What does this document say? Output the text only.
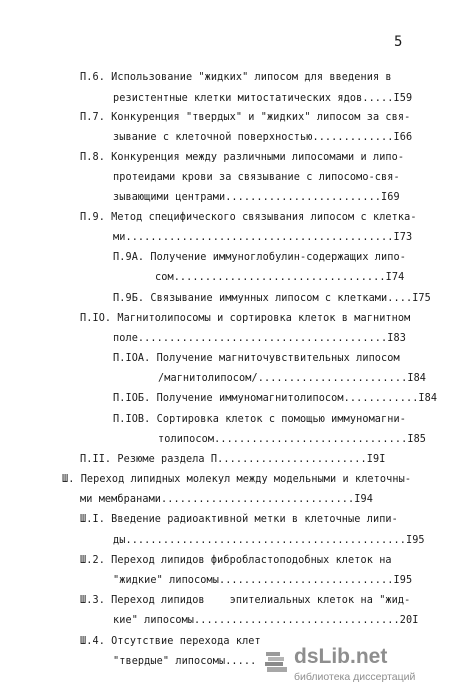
5
П.6. Использование "жидких" липосом для введения в
резистентные клетки митостатических ядов.....I59
П.7. Конкуренция "твердых" и "жидких" липосом за свя-
зывание с клеточной поверхностью.............I66
П.8. Конкуренция между различными липосомами и липо-
протеидами крови за связывание с липосомо-свя-
зывающими центрами.........................I69
П.9. Метод специфического связывания липосом с клетка-
ми...........................................I73
П.9А. Получение иммуноглобулин-содержащих липо-
сом..................................I74
П.9Б. Связывание иммунных липосом с клетками....I75
П.IO. Магнитолипосомы и сортировка клеток в магнитном
поле........................................I83
П.IOА. Получение магниточувствительных липосом
/магнитолипосом/........................I84
П.IOБ. Получение иммуномагнитолипосом............I84
П.IOВ. Сортировка клеток с помощью иммуномагни-
толипосом...............................I85
П.II. Резюме раздела П........................I9I
Ш. Переход липидных молекул между модельными и клеточны-
ми мембранами...............................I94
Ш.I. Введение радиоактивной метки в клеточные липи-
ды.............................................I95
Ш.2. Переход липидов фибробластоподобных клеток на
"жидкие" липосомы............................I95
Ш.3. Переход липидов    эпителиальных клеток на "жид-
кие" липосомы.................................20I
Ш.4. Отсутствие перехода клет
"твердые" липосомы..... dsLib.net
библиотека диссертаций
